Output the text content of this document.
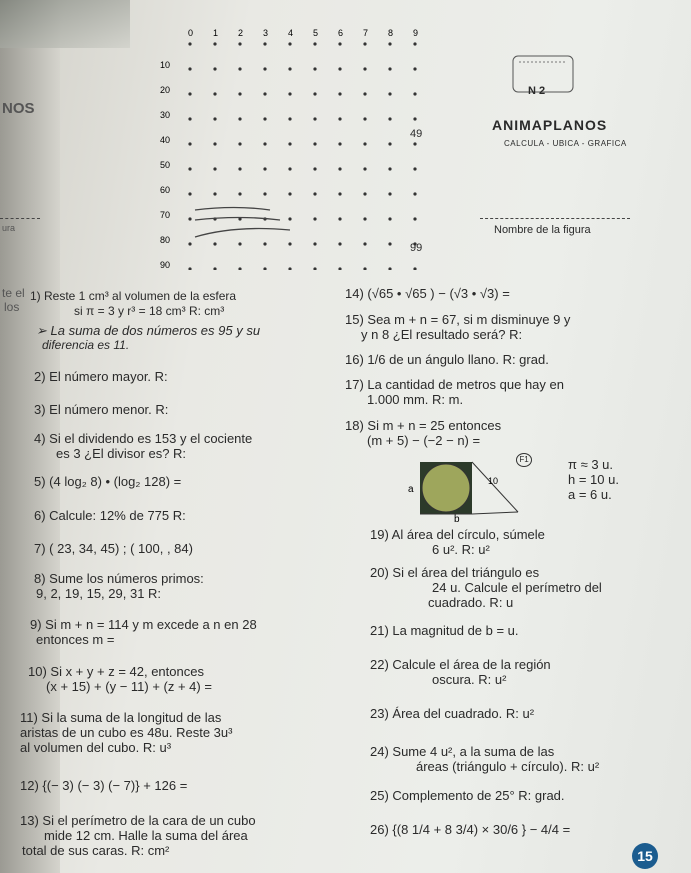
NOS
te el
los
ura
0 1 2 3 4 5 6 7 8 9
10
20
30
40
50
60
70
80
90
49
99
N 2
ANIMAPLANOS
CALCULA - UBICA - GRAFICA
Nombre de la figura
1) Reste 1 cm³ al volumen de la esfera
si π = 3 y r³ = 18 cm³ R: cm³
➢ La suma de dos números es 95 y su
diferencia es 11.
2) El número mayor. R:
3) El número menor. R:
4) Si el dividendo es 153 y el cociente
es 3 ¿El divisor es? R:
5) (4 log₂ 8) • (log₂ 128) =
6) Calcule: 12% de 775 R:
7) ( 23, 34, 45) ; ( 100, , 84)
8) Sume los números primos:
9, 2, 19, 15, 29, 31 R:
9) Si m + n = 114 y m excede a n en 28
entonces m =
10) Si x + y + z = 42, entonces
(x + 15) + (y − 11) + (z + 4) =
11) Si la suma de la longitud de las
aristas de un cubo es 48u. Reste 3u³
al volumen del cubo. R: u³
12) {(− 3) (− 3) (− 7)} + 126 =
13) Si el perímetro de la cara de un cubo
mide 12 cm. Halle la suma del área
total de sus caras. R: cm²
14) (√65 • √65 ) − (√3 • √3) =
15) Sea m + n = 67, si m disminuye 9 y
y n 8 ¿El resultado será? R:
16) 1/6 de un ángulo llano. R: grad.
17) La cantidad de metros que hay en
1.000 mm. R: m.
18) Si m + n = 25 entonces
(m + 5) − (−2 − n) =
a
10
b
F1	π ≈ 3 u.
h = 10 u.
a = 6 u.
19) Al área del círculo, súmele
6 u². R: u²
20) Si el área del triángulo es
24 u. Calcule el perímetro del
cuadrado. R: u
21) La magnitud de b = u.
22) Calcule el área de la región
oscura. R: u²
23) Área del cuadrado. R: u²
24) Sume 4 u², a la suma de las
áreas (triángulo + círculo). R: u²
25) Complemento de 25° R: grad.
26) {(8 1/4 + 8 3/4) × 30/6 } − 4/4 =
15
